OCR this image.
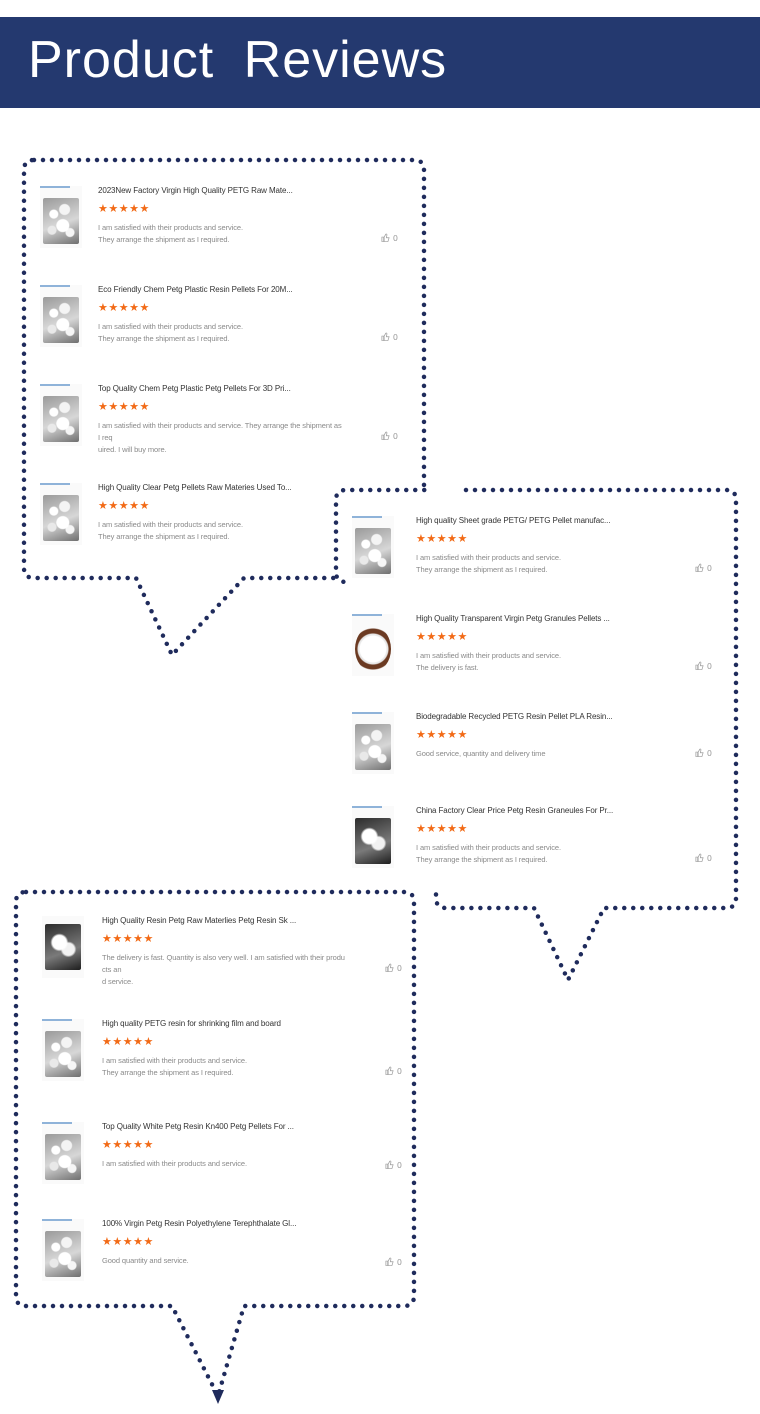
Product Reviews
2023New Factory Virgin High Quality PETG Raw Mate...
★★★★★
I am satisfied with their products and service.
They arrange the shipment as I required.	0
Eco Friendly Chem Petg Plastic Resin Pellets For 20M...
★★★★★
I am satisfied with their products and service.
They arrange the shipment as I required.	0
Top Quality Chem Petg Plastic Petg Pellets For 3D Pri...
★★★★★
I am satisfied with their products and service. They arrange the shipment as I req
uired. I will buy more.
0
High Quality Clear Petg Pellets Raw Materies Used To...
★★★★★
I am satisfied with their products and service.
They arrange the shipment as I required.
High quality Sheet grade PETG/ PETG Pellet manufac...
★★★★★
I am satisfied with their products and service.
They arrange the shipment as I required.	0
High Quality Transparent Virgin Petg Granules Pellets ...
★★★★★
I am satisfied with their products and service.
The delivery is fast.	0
Biodegradable Recycled PETG Resin Pellet PLA Resin...
★★★★★
Good service, quantity and delivery time	0
China Factory Clear Price Petg Resin Graneules For Pr...
★★★★★
I am satisfied with their products and service.
They arrange the shipment as I required.	0
High Quality Resin Petg Raw Materlies Petg Resin Sk ...
★★★★★
The delivery is fast. Quantity is also very well. I am satisfied with their products an
d service.
0
High quality PETG resin for shrinking film and board
★★★★★
I am satisfied with their products and service.
They arrange the shipment as I required.	0
Top Quality White Petg Resin Kn400 Petg Pellets For ...
★★★★★
I am satisfied with their products and service.	0
100% Virgin Petg Resin Polyethylene Terephthalate Gl...
★★★★★
Good quantity and service.	0
